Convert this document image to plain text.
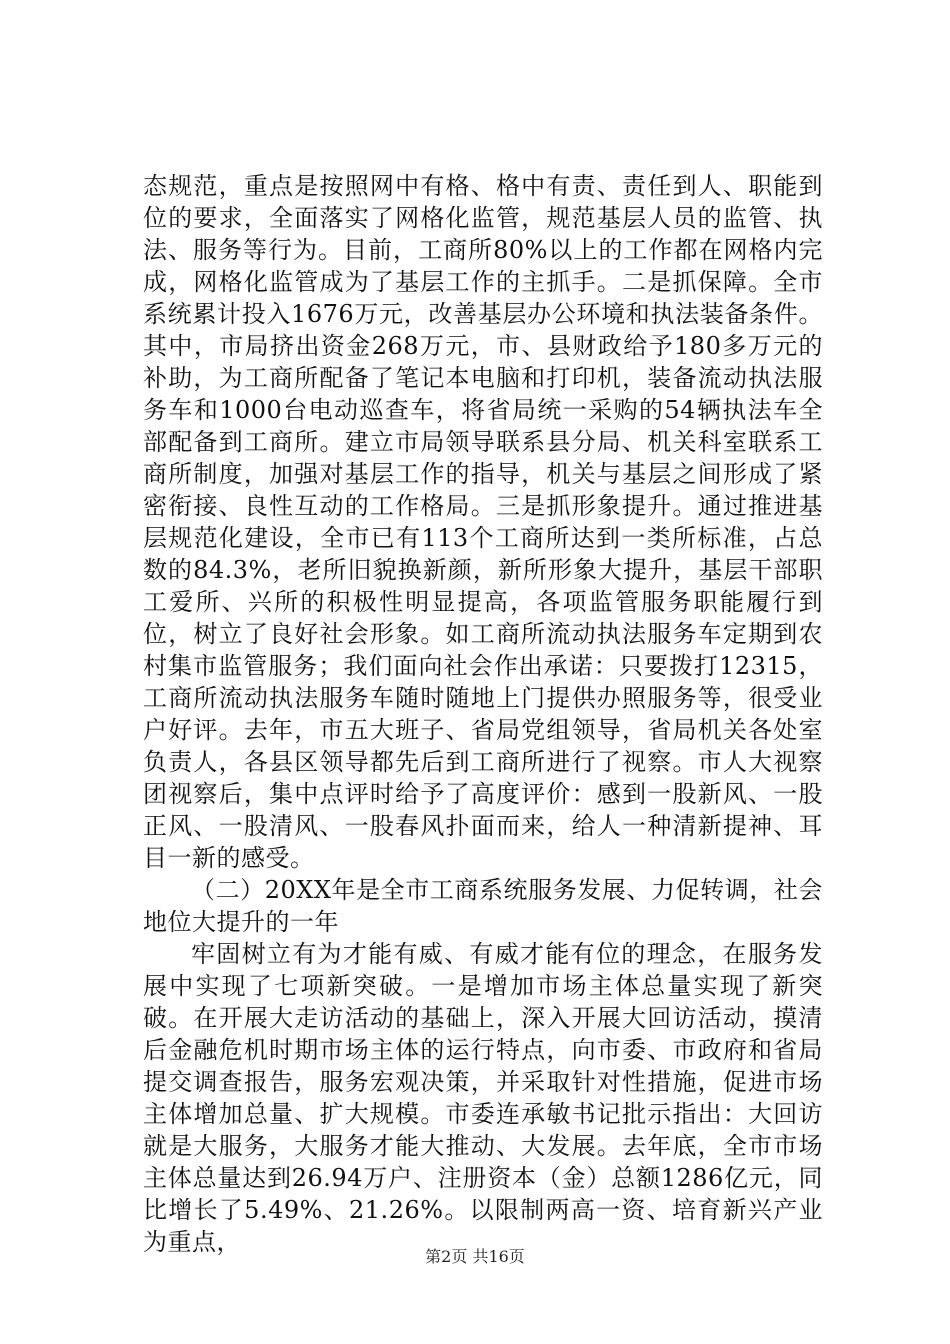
态规范，重点是按照网中有格、格中有责、责任到人、职能到位的要求，全面落实了网格化监管，规范基层人员的监管、执法、服务等行为。目前，工商所80%以上的工作都在网格内完成，网格化监管成为了基层工作的主抓手。二是抓保障。全市系统累计投入1676万元，改善基层办公环境和执法装备条件。其中，市局挤出资金268万元，市、县财政给予180多万元的补助，为工商所配备了笔记本电脑和打印机，装备流动执法服务车和1000台电动巡查车，将省局统一采购的54辆执法车全部配备到工商所。建立市局领导联系县分局、机关科室联系工商所制度，加强对基层工作的指导，机关与基层之间形成了紧密衔接、良性互动的工作格局。三是抓形象提升。通过推进基层规范化建设，全市已有113个工商所达到一类所标准，占总数的84.3%，老所旧貌换新颜，新所形象大提升，基层干部职工爱所、兴所的积极性明显提高，各项监管服务职能履行到位，树立了良好社会形象。如工商所流动执法服务车定期到农村集市监管服务；我们面向社会作出承诺：只要拨打12315，工商所流动执法服务车随时随地上门提供办照服务等，很受业户好评。去年，市五大班子、省局党组领导，省局机关各处室负责人，各县区领导都先后到工商所进行了视察。市人大视察团视察后，集中点评时给予了高度评价：感到一股新风、一股正风、一股清风、一股春风扑面而来，给人一种清新提神、耳目一新的感受。

（二）20XX年是全市工商系统服务发展、力促转调，社会地位大提升的一年

牢固树立有为才能有威、有威才能有位的理念，在服务发展中实现了七项新突破。一是增加市场主体总量实现了新突破。在开展大走访活动的基础上，深入开展大回访活动，摸清后金融危机时期市场主体的运行特点，向市委、市政府和省局提交调查报告，服务宏观决策，并采取针对性措施，促进市场主体增加总量、扩大规模。市委连承敏书记批示指出：大回访就是大服务，大服务才能大推动、大发展。去年底，全市市场主体总量达到26.94万户、注册资本（金）总额1286亿元，同比增长了5.49%、21.26%。以限制两高一资、培育新兴产业为重点，

第2页 共16页
